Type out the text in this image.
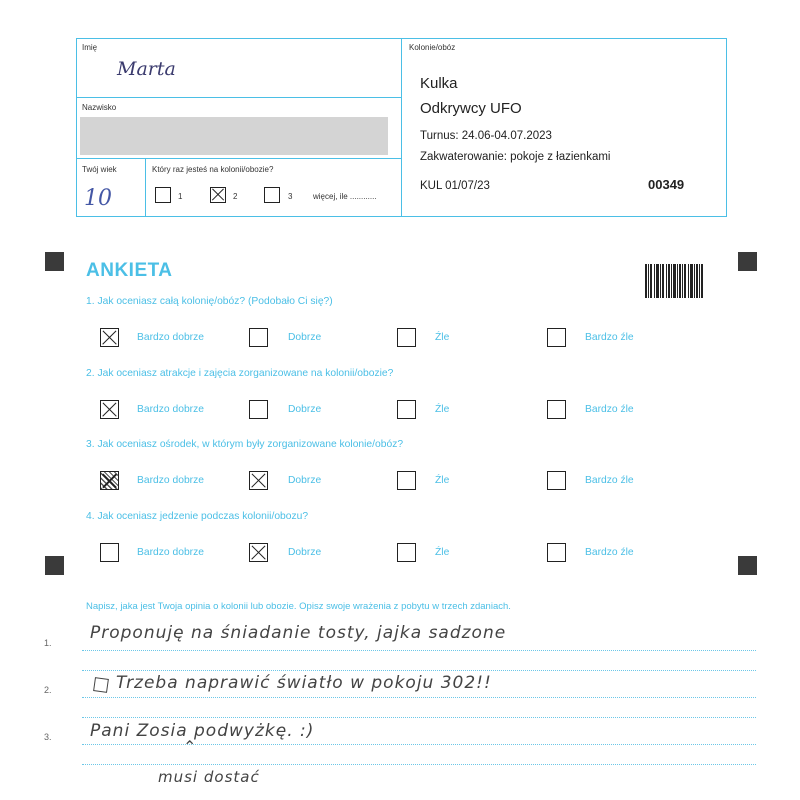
Imię
Marta
Nazwisko
Twój wiek
10
Który raz jesteś na kolonii/obozie?
1	2	3	więcej, ile ............
Kolonie/obóz
Kulka
Odkrywcy UFO
Turnus: 24.06-04.07.2023
Zakwaterowanie: pokoje z łazienkami
KUL 01/07/23	00349
ANKIETA
1. Jak oceniasz całą kolonię/obóz? (Podobało Ci się?)
Bardzo dobrze	Dobrze	Źle	Bardzo źle
2. Jak oceniasz atrakcje i zajęcia zorganizowane na kolonii/obozie?
Bardzo dobrze	Dobrze	Źle	Bardzo źle
3. Jak oceniasz ośrodek, w którym były zorganizowane kolonie/obóz?
Bardzo dobrze	Dobrze	Źle	Bardzo źle
4. Jak oceniasz jedzenie podczas kolonii/obozu?
Bardzo dobrze	Dobrze	Źle	Bardzo źle
Napisz, jaka jest Twoja opinia o kolonii lub obozie. Opisz swoje wrażenia z pobytu w trzech zdaniach.
1.
2.
3.
Proponuję na śniadanie tosty, jajka sadzone
Trzeba naprawić światło w pokoju 302!!
Pani Zosia podwyżkę. :)
⌃
musi dostać
